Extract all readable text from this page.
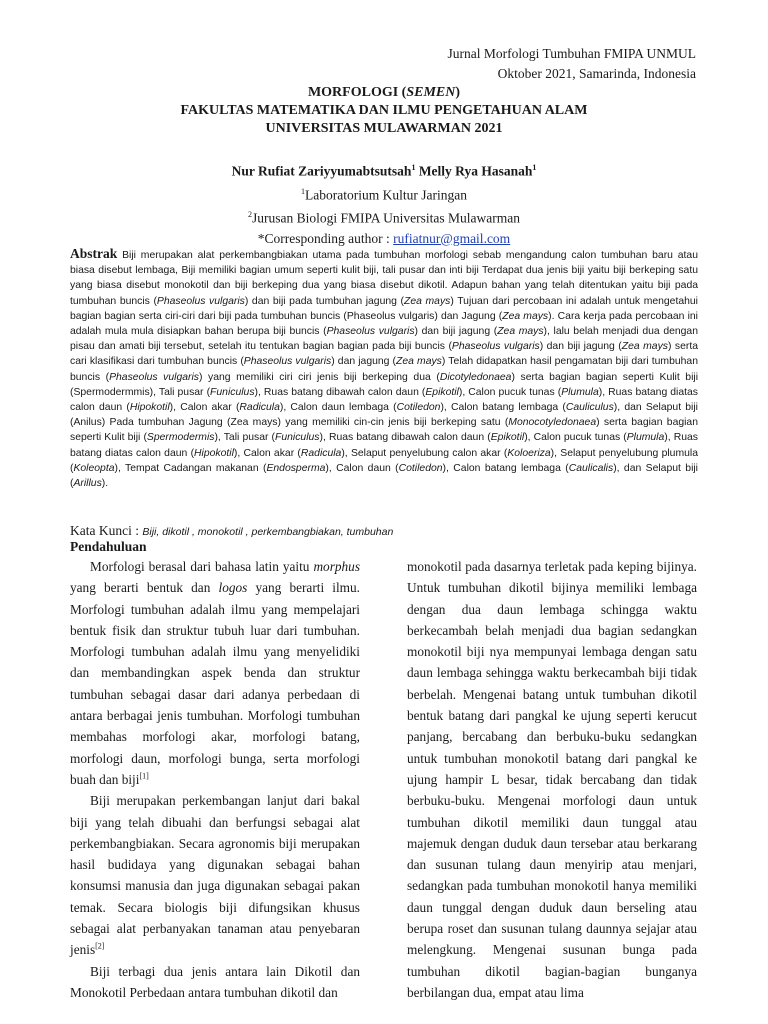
Jurnal Morfologi Tumbuhan FMIPA UNMUL
Oktober 2021, Samarinda, Indonesia
MORFOLOGI (SEMEN)
FAKULTAS MATEMATIKA DAN ILMU PENGETAHUAN ALAM
UNIVERSITAS MULAWARMAN 2021
Nur Rufiat Zariyyumabtsutsah$^1$ Melly Rya Hasanah$^1$
$^1$Laboratorium Kultur Jaringan
$^2$Jurusan Biologi FMIPA Universitas Mulawarman
*Corresponding author : rufiatnur@gmail.com
Abstrak Biji merupakan alat perkembangbiakan utama pada tumbuhan morfologi sebab mengandung calon tumbuhan baru atau biasa disebut lembaga, Biji memiliki bagian umum seperti kulit biji, tali pusar dan inti biji Terdapat dua jenis biji yaitu biji berkeping satu yang biasa disebut monokotil dan biji berkeping dua yang biasa disebut dikotil. Adapun bahan yang telah ditentukan yaitu biji pada tumbuhan buncis (Phaseolus vulgaris) dan biji pada tumbuhan jagung (Zea mays) Tujuan dari percobaan ini adalah untuk mengetahui bagian bagian serta ciri-ciri dari biji pada tumbuhan buncis (Phaseolus vulgaris) dan Jagung (Zea mays). Cara kerja pada percobaan ini adalah mula mula disiapkan bahan berupa biji buncis (Phaseolus vulgaris) dan biji jagung (Zea mays), lalu belah menjadi dua dengan pisau dan amati biji tersebut, setelah itu tentukan bagian bagian pada biji buncis (Phaseolus vulgaris) dan biji jagung (Zea mays) serta cari klasifikasi dari tumbuhan buncis (Phaseolus vulgaris) dan jagung (Zea mays) Telah didapatkan hasil pengamatan biji dari tumbuhan buncis (Phaseolus vulgaris) yang memiliki ciri ciri jenis biji berkeping dua (Dicotyledonaea) serta bagian bagian seperti Kulit biji (Spermodermmis), Tali pusar (Funiculus), Ruas batang dibawah calon daun (Epikotil), Calon pucuk tunas (Plumula), Ruas batang diatas calon daun (Hipokotil), Calon akar (Radicula), Calon daun lembaga (Cotiledon), Calon batang lembaga (Cauliculus), dan Selaput biji (Anilus) Pada tumbuhan Jagung (Zea mays) yang memiliki cin-cin jenis biji berkeping satu (Monocotyledonaea) serta bagian bagian seperti Kulit biji (Spermodermis), Tali pusar (Funiculus), Ruas batang dibawah calon daun (Epikotil), Calon pucuk tunas (Plumula), Ruas batang diatas calon daun (Hipokotil), Calon akar (Radicula), Selaput penyelubung calon akar (Koloeriza), Selaput penyelubung plumula (Koleopta), Tempat Cadangan makanan (Endosperma), Calon daun (Cotiledon), Calon batang lembaga (Caulicalis), dan Selaput biji (Arillus).
Kata Kunci : Biji, dikotil , monokotil , perkembangbiakan, tumbuhan
Pendahuluan

Morfologi berasal dari bahasa latin yaitu morphus yang berarti bentuk dan logos yang berarti ilmu. Morfologi tumbuhan adalah ilmu yang mempelajari bentuk fisik dan struktur tubuh luar dari tumbuhan. Morfologi tumbuhan adalah ilmu yang menyelidiki dan membandingkan aspek benda dan struktur tumbuhan sebagai dasar dari adanya perbedaan di antara berbagai jenis tumbuhan. Morfologi tumbuhan membahas morfologi akar, morfologi batang, morfologi daun, morfologi bunga, serta morfologi buah dan biji[1]

Biji merupakan perkembangan lanjut dari bakal biji yang telah dibuahi dan berfungsi sebagai alat perkembangbiakan. Secara agronomis biji merupakan hasil budidaya yang digunakan sebagai bahan konsumsi manusia dan juga digunakan sebagai pakan temak. Secara biologis biji difungsikan khusus sebagai alat perbanyakan tanaman atau penyebaran jenis[2]

Biji terbagi dua jenis antara lain Dikotil dan Monokotil Perbedaan antara tumbuhan dikotil dan

monokotil pada dasarnya terletak pada keping bijinya. Untuk tumbuhan dikotil bijinya memiliki lembaga dengan dua daun lembaga schingga waktu berkecambah belah menjadi dua bagian sedangkan monokotil biji nya mempunyai lembaga dengan satu daun lembaga sehingga waktu berkecambah biji tidak berbelah. Mengenai batang untuk tumbuhan dikotil bentuk batang dari pangkal ke ujung seperti kerucut panjang, bercabang dan berbuku-buku sedangkan untuk tumbuhan monokotil batang dari pangkal ke ujung hampir L besar, tidak bercabang dan tidak berbuku-buku. Mengenai morfologi daun untuk tumbuhan dikotil memiliki daun tunggal atau majemuk dengan duduk daun tersebar atau berkarang dan susunan tulang daun menyirip atau menjari, sedangkan pada tumbuhan monokotil hanya memiliki daun tunggal dengan duduk daun berseling atau berupa roset dan susunan tulang daunnya sejajar atau melengkung. Mengenai susunan bunga pada tumbuhan dikotil bagian-bagian bunganya berbilangan dua, empat atau lima
